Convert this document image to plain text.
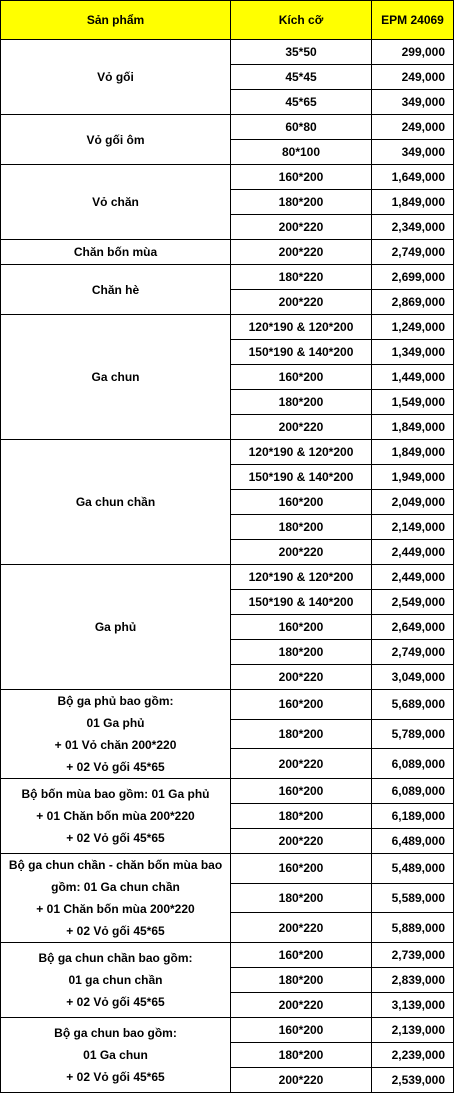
Sản phẩm	Kích cỡ	EPM 24069

Vỏ gối	35*50	299,000
	45*45	249,000
	45*65	349,000

Vỏ gối ôm	60*80	249,000
	80*100	349,000

Vỏ chăn	160*200	1,649,000
	180*200	1,849,000
	200*220	2,349,000

Chăn bốn mùa	200*220	2,749,000

Chăn hè	180*220	2,699,000
	200*220	2,869,000

Ga chun	120*190 & 120*200	1,249,000
	150*190 & 140*200	1,349,000
	160*200	1,449,000
	180*200	1,549,000
	200*220	1,849,000

Ga chun chần	120*190 & 120*200	1,849,000
	150*190 & 140*200	1,949,000
	160*200	2,049,000
	180*200	2,149,000
	200*220	2,449,000

Ga phủ	120*190 & 120*200	2,449,000
	150*190 & 140*200	2,549,000
	160*200	2,649,000
	180*200	2,749,000
	200*220	3,049,000

Bộ ga phủ bao gồm:
01 Ga phủ
+ 01 Vỏ chăn 200*220
+ 02 Vỏ gối 45*65	160*200	5,689,000
	180*200	5,789,000
	200*220	6,089,000

Bộ bốn mùa bao gồm: 01 Ga phủ
+ 01 Chăn bốn mùa 200*220
+ 02 Vỏ gối 45*65	160*200	6,089,000
	180*200	6,189,000
	200*220	6,489,000

Bộ ga chun chần - chăn bốn mùa bao
gồm: 01 Ga chun chần
+ 01 Chăn bốn mùa 200*220
+ 02 Vỏ gối 45*65	160*200	5,489,000
	180*200	5,589,000
	200*220	5,889,000

Bộ ga chun chần bao gồm:
01 ga chun chần
+ 02 Vỏ gối 45*65	160*200	2,739,000
	180*200	2,839,000
	200*220	3,139,000

Bộ ga chun bao gồm:
01 Ga chun
+ 02 Vỏ gối 45*65	160*200	2,139,000
	180*200	2,239,000
	200*220	2,539,000
